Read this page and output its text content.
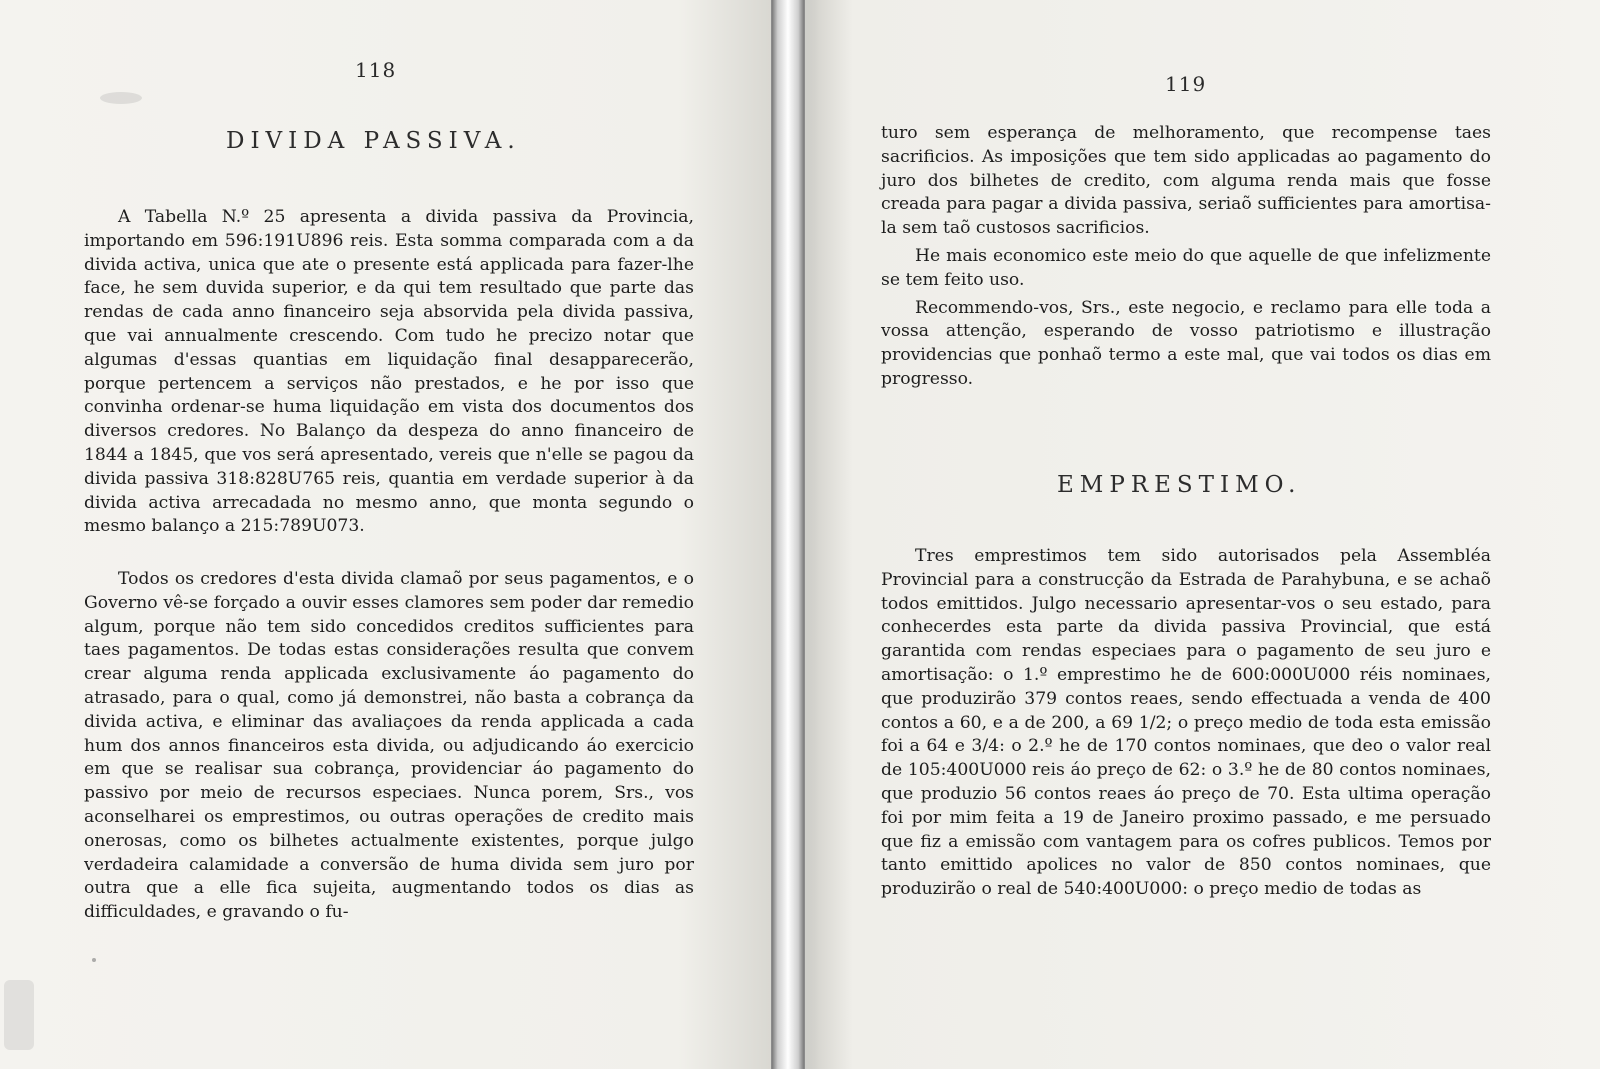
118
DIVIDA PASSIVA.

A Tabella N.º 25 apresenta a divida passiva da Provincia, importando em 596:191U896 reis. Esta somma comparada com a da divida activa, unica que ate o presente está applicada para fazer-lhe face, he sem duvida superior, e da qui tem resultado que parte das rendas de cada anno financeiro seja absorvida pela divida passiva, que vai annualmente crescendo. Com tudo he precizo notar que algumas d'essas quantias em liquidação final desapparecerão, porque pertencem a serviços não prestados, e he por isso que convinha ordenar-se huma liquidação em vista dos documentos dos diversos credores. No Balanço da despeza do anno financeiro de 1844 a 1845, que vos será apresentado, vereis que n'elle se pagou da divida passiva 318:828U765 reis, quantia em verdade superior à da divida activa arrecadada no mesmo anno, que monta segundo o mesmo balanço a 215:789U073.

Todos os credores d'esta divida clamaõ por seus pagamentos, e o Governo vê-se forçado a ouvir esses clamores sem poder dar remedio algum, porque não tem sido concedidos creditos sufficientes para taes pagamentos. De todas estas considerações resulta que convem crear alguma renda applicada exclusivamente áo pagamento do atrasado, para o qual, como já demonstrei, não basta a cobrança da divida activa, e eliminar das avaliaçoes da renda applicada a cada hum dos annos financeiros esta divida, ou adjudicando áo exercicio em que se realisar sua cobrança, providenciar áo pagamento do passivo por meio de recursos especiaes. Nunca porem, Srs., vos aconselharei os emprestimos, ou outras operações de credito mais onerosas, como os bilhetes actualmente existentes, porque julgo verdadeira calamidade a conversão de huma divida sem juro por outra que a elle fica sujeita, augmentando todos os dias as difficuldades, e gravando o fu-

119

turo sem esperança de melhoramento, que recompense taes sacrificios. As imposições que tem sido applicadas ao pagamento do juro dos bilhetes de credito, com alguma renda mais que fosse creada para pagar a divida passiva, seriaõ sufficientes para amortisa-la sem taõ custosos sacrificios.

He mais economico este meio do que aquelle de que infelizmente se tem feito uso.

Recommendo-vos, Srs., este negocio, e reclamo para elle toda a vossa attenção, esperando de vosso patriotismo e illustração providencias que ponhaõ termo a este mal, que vai todos os dias em progresso.

EMPRESTIMO.

Tres emprestimos tem sido autorisados pela Assembléa Provincial para a construcção da Estrada de Parahybuna, e se achaõ todos emittidos. Julgo necessario apresentar-vos o seu estado, para conhecerdes esta parte da divida passiva Provincial, que está garantida com rendas especiaes para o pagamento de seu juro e amortisação: o 1.º emprestimo he de 600:000U000 réis nominaes, que produzirão 379 contos reaes, sendo effectuada a venda de 400 contos a 60, e a de 200, a 69 1/2; o preço medio de toda esta emissão foi a 64 e 3/4: o 2.º he de 170 contos nominaes, que deo o valor real de 105:400U000 reis áo preço de 62: o 3.º he de 80 contos nominaes, que produzio 56 contos reaes áo preço de 70. Esta ultima operação foi por mim feita a 19 de Janeiro proximo passado, e me persuado que fiz a emissão com vantagem para os cofres publicos. Temos por tanto emittido apolices no valor de 850 contos nominaes, que produzirão o real de 540:400U000: o preço medio de todas as
